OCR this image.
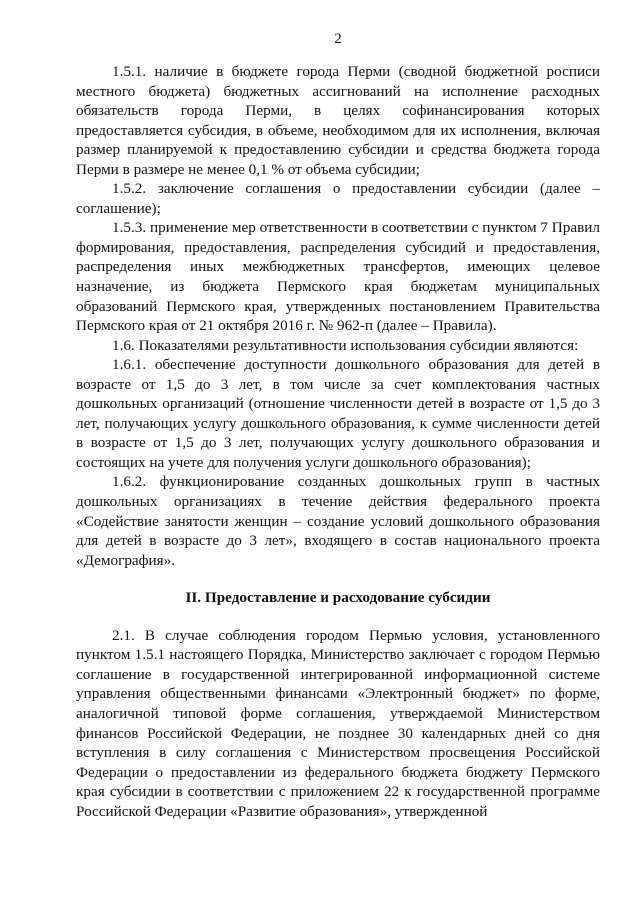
2

1.5.1. наличие в бюджете города Перми (сводной бюджетной росписи местного бюджета) бюджетных ассигнований на исполнение расходных обязательств города Перми, в целях софинансирования которых предоставляется субсидия, в объеме, необходимом для их исполнения, включая размер планируемой к предоставлению субсидии и средства бюджета города Перми в размере не менее 0,1 % от объема субсидии;

1.5.2. заключение соглашения о предоставлении субсидии (далее – соглашение);

1.5.3. применение мер ответственности в соответствии с пунктом 7 Правил формирования, предоставления, распределения субсидий и предоставления, распределения иных межбюджетных трансфертов, имеющих целевое назначение, из бюджета Пермского края бюджетам муниципальных образований Пермского края, утвержденных постановлением Правительства Пермского края от 21 октября 2016 г. № 962-п (далее – Правила).

1.6. Показателями результативности использования субсидии являются:

1.6.1. обеспечение доступности дошкольного образования для детей в возрасте от 1,5 до 3 лет, в том числе за счет комплектования частных дошкольных организаций (отношение численности детей в возрасте от 1,5 до 3 лет, получающих услугу дошкольного образования, к сумме численности детей в возрасте от 1,5 до 3 лет, получающих услугу дошкольного образования и состоящих на учете для получения услуги дошкольного образования);

1.6.2. функционирование созданных дошкольных групп в частных дошкольных организациях в течение действия федерального проекта «Содействие занятости женщин – создание условий дошкольного образования для детей в возрасте до 3 лет», входящего в состав национального проекта «Демография».

II. Предоставление и расходование субсидии

2.1. В случае соблюдения городом Пермью условия, установленного пунктом 1.5.1 настоящего Порядка, Министерство заключает с городом Пермью соглашение в государственной интегрированной информационной системе управления общественными финансами «Электронный бюджет» по форме, аналогичной типовой форме соглашения, утверждаемой Министерством финансов Российской Федерации, не позднее 30 календарных дней со дня вступления в силу соглашения с Министерством просвещения Российской Федерации о предоставлении из федерального бюджета бюджету Пермского края субсидии в соответствии с приложением 22 к государственной программе Российской Федерации «Развитие образования», утвержденной
